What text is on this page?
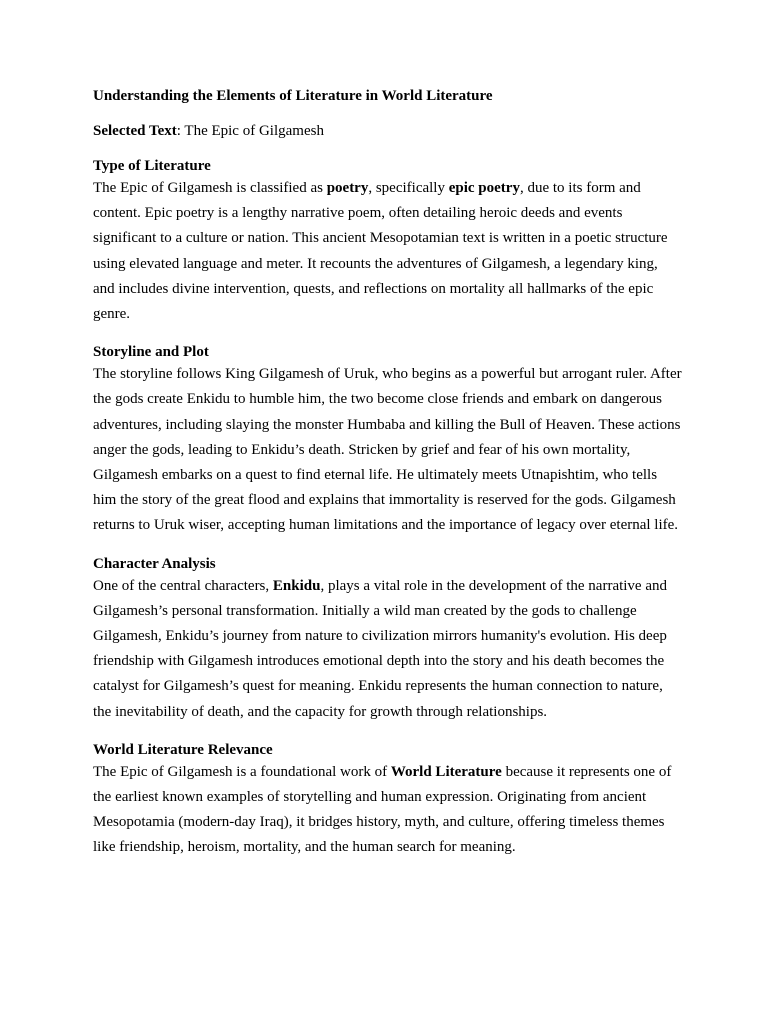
Understanding the Elements of Literature in World Literature

Selected Text: The Epic of Gilgamesh
Type of Literature

The Epic of Gilgamesh is classified as poetry, specifically epic poetry, due to its form and content. Epic poetry is a lengthy narrative poem, often detailing heroic deeds and events significant to a culture or nation. This ancient Mesopotamian text is written in a poetic structure using elevated language and meter. It recounts the adventures of Gilgamesh, a legendary king, and includes divine intervention, quests, and reflections on mortality all hallmarks of the epic genre.

Storyline and Plot

The storyline follows King Gilgamesh of Uruk, who begins as a powerful but arrogant ruler. After the gods create Enkidu to humble him, the two become close friends and embark on dangerous adventures, including slaying the monster Humbaba and killing the Bull of Heaven. These actions anger the gods, leading to Enkidu’s death. Stricken by grief and fear of his own mortality, Gilgamesh embarks on a quest to find eternal life. He ultimately meets Utnapishtim, who tells him the story of the great flood and explains that immortality is reserved for the gods. Gilgamesh returns to Uruk wiser, accepting human limitations and the importance of legacy over eternal life.

Character Analysis

One of the central characters, Enkidu, plays a vital role in the development of the narrative and Gilgamesh’s personal transformation. Initially a wild man created by the gods to challenge Gilgamesh, Enkidu’s journey from nature to civilization mirrors humanity's evolution. His deep friendship with Gilgamesh introduces emotional depth into the story and his death becomes the catalyst for Gilgamesh’s quest for meaning. Enkidu represents the human connection to nature, the inevitability of death, and the capacity for growth through relationships.

World Literature Relevance

The Epic of Gilgamesh is a foundational work of World Literature because it represents one of the earliest known examples of storytelling and human expression. Originating from ancient Mesopotamia (modern-day Iraq), it bridges history, myth, and culture, offering timeless themes like friendship, heroism, mortality, and the human search for meaning.
